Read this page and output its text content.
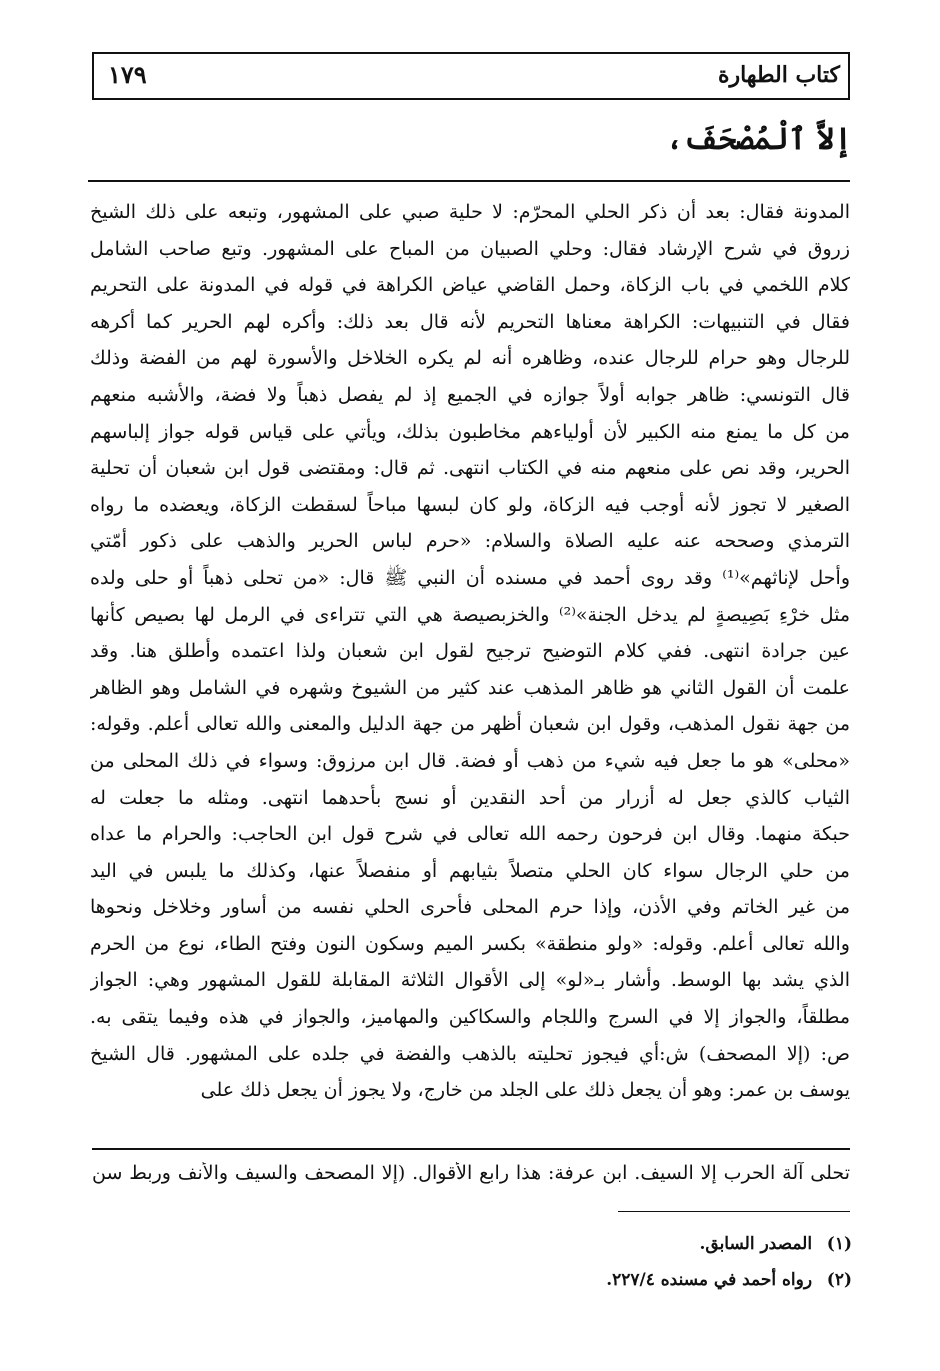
كتاب الطهارة
١٧٩
إلاَّ ٱلْمُصْحَفَ،
المدونة فقال: بعد أن ذكر الحلي المحرّم: لا حلية صبي على المشهور، وتبعه على ذلك الشيخ
زروق في شرح الإرشاد فقال: وحلي الصبيان من المباح على المشهور. وتبع صاحب الشامل
كلام اللخمي في باب الزكاة، وحمل القاضي عياض الكراهة في قوله في المدونة على التحريم
فقال في التنبيهات: الكراهة معناها التحريم لأنه قال بعد ذلك: وأكره لهم الحرير كما أكرهه
للرجال وهو حرام للرجال عنده، وظاهره أنه لم يكره الخلاخل والأسورة لهم من الفضة وذلك
قال التونسي: ظاهر جوابه أولاً جوازه في الجميع إذ لم يفصل ذهباً ولا فضة، والأشبه منعهم
من كل ما يمنع منه الكبير لأن أولياءهم مخاطبون بذلك، ويأتي على قياس قوله جواز إلباسهم
الحرير، وقد نص على منعهم منه في الكتاب انتهى. ثم قال: ومقتضى قول ابن شعبان أن تحلية
الصغير لا تجوز لأنه أوجب فيه الزكاة، ولو كان لبسها مباحاً لسقطت الزكاة، ويعضده ما رواه
الترمذي وصححه عنه عليه الصلاة والسلام: «حرم لباس الحرير والذهب على ذكور أمّتي
وأحل لإناثهم»⁽¹⁾ وقد روى أحمد في مسنده أن النبي ﷺ قال: «من تحلى ذهباً أو حلى ولده
مثل خرْءِ بَصِيصةٍ لم يدخل الجنة»⁽²⁾ والخزبصيصة هي التي تتراءى في الرمل لها بصيص كأنها
عين جرادة انتهى. ففي كلام التوضيح ترجيح لقول ابن شعبان ولذا اعتمده وأطلق هنا. وقد
علمت أن القول الثاني هو ظاهر المذهب عند كثير من الشيوخ وشهره في الشامل وهو الظاهر
من جهة نقول المذهب، وقول ابن شعبان أظهر من جهة الدليل والمعنى والله تعالى أعلم. وقوله:
«محلى» هو ما جعل فيه شيء من ذهب أو فضة. قال ابن مرزوق: وسواء في ذلك المحلى من
الثياب كالذي جعل له أزرار من أحد النقدين أو نسج بأحدهما انتهى. ومثله ما جعلت له
حبكة منهما. وقال ابن فرحون رحمه الله تعالى في شرح قول ابن الحاجب: والحرام ما عداه
من حلي الرجال سواء كان الحلي متصلاً بثيابهم أو منفصلاً عنها، وكذلك ما يلبس في اليد
من غير الخاتم وفي الأذن، وإذا حرم المحلى فأحرى الحلي نفسه من أساور وخلاخل ونحوها
والله تعالى أعلم. وقوله: «ولو منطقة» بكسر الميم وسكون النون وفتح الطاء، نوع من الحرم
الذي يشد بها الوسط. وأشار بـ«لو» إلى الأقوال الثلاثة المقابلة للقول المشهور وهي: الجواز
مطلقاً، والجواز إلا في السرج واللجام والسكاكين والمهاميز، والجواز في هذه وفيما يتقى به.
ص: (إلا المصحف) ش:أي فيجوز تحليته بالذهب والفضة في جلده على المشهور. قال الشيخ
يوسف بن عمر: وهو أن يجعل ذلك على الجلد من خارج، ولا يجوز أن يجعل ذلك على
تحلى آلة الحرب إلا السيف. ابن عرفة: هذا رابع الأقوال. (إلا المصحف والسيف والأنف وربط سن
(١) المصدر السابق.
(٢) رواه أحمد في مسنده ٢٢٧/٤.
